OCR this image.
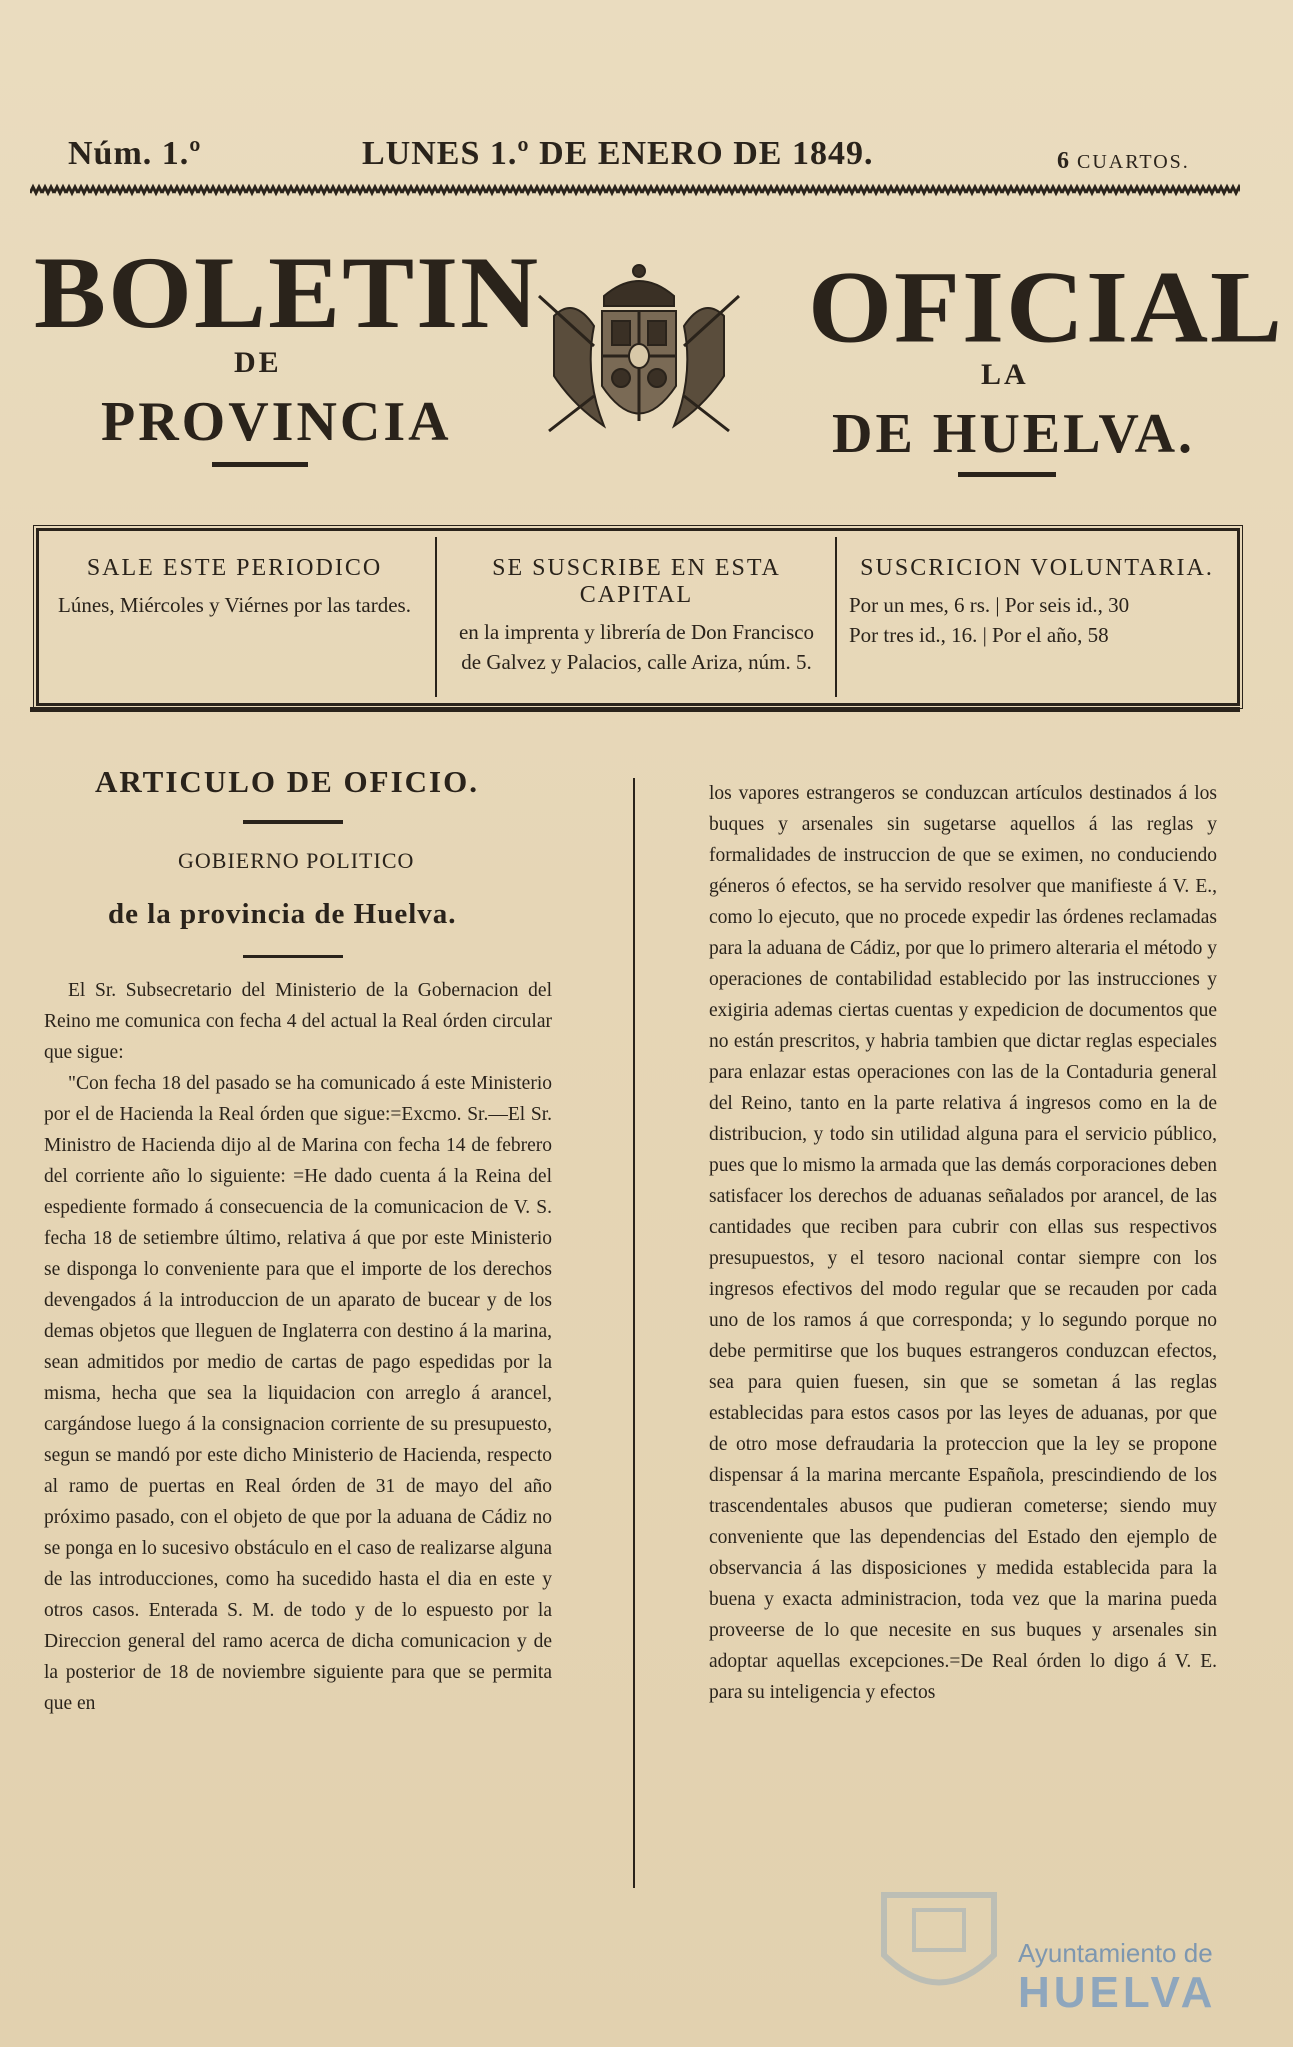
Núm. 1.º	LUNES 1.º DE ENERO DE 1849.	6 CUARTOS.
BOLETIN
DE
PROVINCIA
OFICIAL
LA
DE HUELVA.
SALE ESTE PERIODICO

Lúnes, Miércoles y Viérnes por las tardes.

SE SUSCRIBE EN ESTA CAPITAL

en la imprenta y librería de Don Francisco de Galvez y Palacios, calle Ariza, núm. 5.

SUSCRICION VOLUNTARIA.

Por un mes, 6 rs. | Por seis id., 30

Por tres id., 16. | Por el año, 58

ARTICULO DE OFICIO.
GOBIERNO POLITICO
de la provincia de Huelva.

El Sr. Subsecretario del Ministerio de la Gobernacion del Reino me comunica con fecha 4 del actual la Real órden circular que sigue:

"Con fecha 18 del pasado se ha comunicado á este Ministerio por el de Hacienda la Real órden que sigue:=Excmo. Sr.—El Sr. Ministro de Hacienda dijo al de Marina con fecha 14 de febrero del corriente año lo siguiente: =He dado cuenta á la Reina del espediente formado á consecuencia de la comunicacion de V. S. fecha 18 de setiembre último, relativa á que por este Ministerio se disponga lo conveniente para que el importe de los derechos devengados á la introduccion de un aparato de bucear y de los demas objetos que lleguen de Inglaterra con destino á la marina, sean admitidos por medio de cartas de pago espedidas por la misma, hecha que sea la liquidacion con arreglo á arancel, cargándose luego á la consignacion corriente de su presupuesto, segun se mandó por este dicho Ministerio de Hacienda, respecto al ramo de puertas en Real órden de 31 de mayo del año próximo pasado, con el objeto de que por la aduana de Cádiz no se ponga en lo sucesivo obstáculo en el caso de realizarse alguna de las introducciones, como ha sucedido hasta el dia en este y otros casos. Enterada S. M. de todo y de lo espuesto por la Direccion general del ramo acerca de dicha comunicacion y de la posterior de 18 de noviembre siguiente para que se permita que en

los vapores estrangeros se conduzcan artículos destinados á los buques y arsenales sin sugetarse aquellos á las reglas y formalidades de instruccion de que se eximen, no conduciendo géneros ó efectos, se ha servido resolver que manifieste á V. E., como lo ejecuto, que no procede expedir las órdenes reclamadas para la aduana de Cádiz, por que lo primero alteraria el método y operaciones de contabilidad establecido por las instrucciones y exigiria ademas ciertas cuentas y expedicion de documentos que no están prescritos, y habria tambien que dictar reglas especiales para enlazar estas operaciones con las de la Contaduria general del Reino, tanto en la parte relativa á ingresos como en la de distribucion, y todo sin utilidad alguna para el servicio público, pues que lo mismo la armada que las demás corporaciones deben satisfacer los derechos de aduanas señalados por arancel, de las cantidades que reciben para cubrir con ellas sus respectivos presupuestos, y el tesoro nacional contar siempre con los ingresos efectivos del modo regular que se recauden por cada uno de los ramos á que corresponda; y lo segundo porque no debe permitirse que los buques estrangeros conduzcan efectos, sea para quien fuesen, sin que se sometan á las reglas establecidas para estos casos por las leyes de aduanas, por que de otro mose defraudaria la proteccion que la ley se propone dispensar á la marina mercante Española, prescindiendo de los trascendentales abusos que pudieran cometerse; siendo muy conveniente que las dependencias del Estado den ejemplo de observancia á las disposiciones y medida establecida para la buena y exacta administracion, toda vez que la marina pueda proveerse de lo que necesite en sus buques y arsenales sin adoptar aquellas excepciones.=De Real órden lo digo á V. E. para su inteligencia y efectos

Ayuntamiento de
HUELVA
